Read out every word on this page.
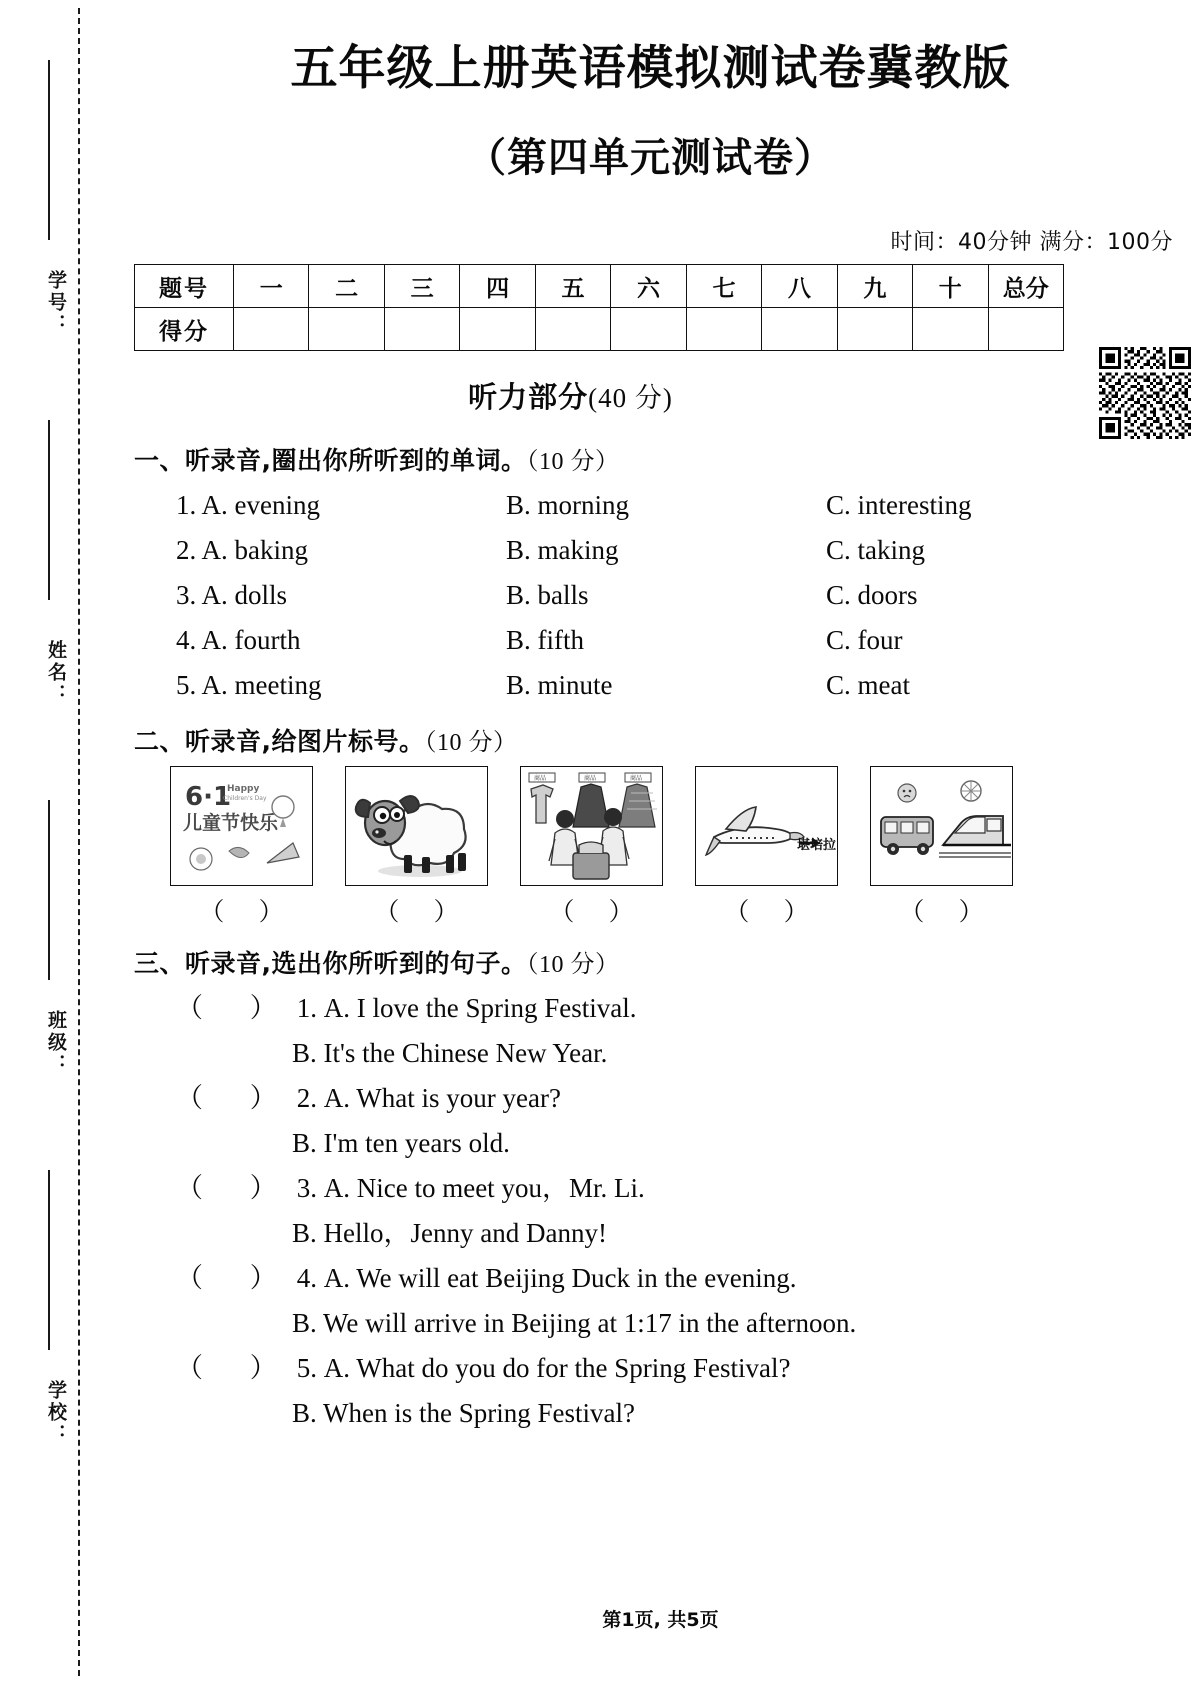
学号：
姓名：
班级：
学校：
五年级上册英语模拟测试卷冀教版
（第四单元测试卷）
时间：40分钟 满分：100分
题号	一	二	三	四	五	六	七	八	九	十	总分
得分											
听力部分(40 分)
一、听录音,圈出你所听到的单词。（10 分）
1. A. evening	B. morning	C. interesting
2. A. baking	B. making	C. taking
3. A. dolls	B. balls	C. doors
4. A. fourth	B. fifth	C. four
5. A. meeting	B. minute	C. meat
二、听录音,给图片标号。（10 分）
6·1
Happy
Children's Day
儿童节快乐
（ ）	（ ）
商品	商品	商品
（ ）
堪培拉
（ ）	（ ）
三、听录音,选出你所听到的句子。（10 分）
（ ）1. A. I love the Spring Festival.
B. It's the Chinese New Year.
（ ）2. A. What is your year?
B. I'm ten years old.
（ ）3. A. Nice to meet you，Mr. Li.
B. Hello，Jenny and Danny!
（ ）4. A. We will eat Beijing Duck in the evening.
B. We will arrive in Beijing at 1:17 in the afternoon.
（ ）5. A. What do you do for the Spring Festival?
B. When is the Spring Festival?
第1页, 共5页
